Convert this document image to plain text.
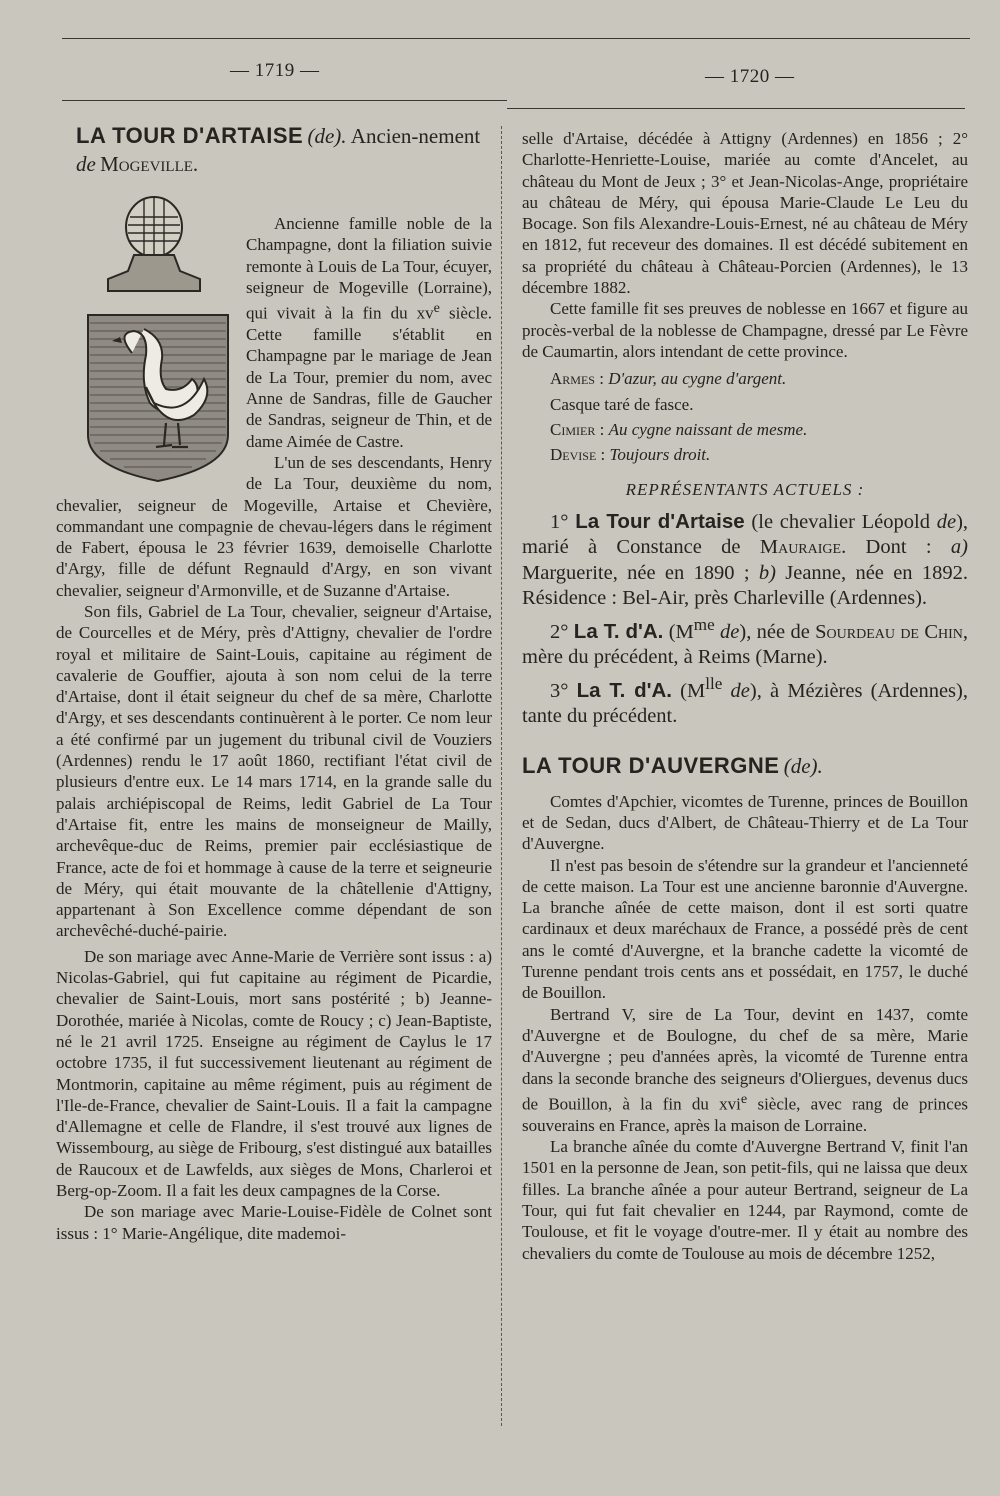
— 1719 —	— 1720 —

LA TOUR D'ARTAISE (de). Ancien-nement de Mogeville.

Ancienne famille noble de la Champagne, dont la filiation suivie remonte à Louis de La Tour, écuyer, seigneur de Mogeville (Lorraine), qui vivait à la fin du $xv^e$ siècle. Cette famille s'établit en Champagne par le mariage de Jean de La Tour, premier du nom, avec Anne de Sandras, fille de Gaucher de Sandras, seigneur de Thin, et de dame Aimée de Castre.

L'un de ses descendants, Henry de La Tour, deuxième du nom, chevalier, seigneur de Mogeville, Artaise et Chevière, commandant une compagnie de chevau-légers dans le régiment de Fabert, épousa le 23 février 1639, demoiselle Charlotte d'Argy, fille de défunt Regnauld d'Argy, en son vivant chevalier, seigneur d'Armonville, et de Suzanne d'Artaise.

Son fils, Gabriel de La Tour, chevalier, seigneur d'Artaise, de Courcelles et de Méry, près d'Attigny, chevalier de l'ordre royal et militaire de Saint-Louis, capitaine au régiment de cavalerie de Gouffier, ajouta à son nom celui de la terre d'Artaise, dont il était seigneur du chef de sa mère, Charlotte d'Argy, et ses descendants continuèrent à le porter. Ce nom leur a été confirmé par un jugement du tribunal civil de Vouziers (Ardennes) rendu le 17 août 1860, rectifiant l'état civil de plusieurs d'entre eux. Le 14 mars 1714, en la grande salle du palais archiépiscopal de Reims, ledit Gabriel de La Tour d'Artaise fit, entre les mains de monseigneur de Mailly, archevêque-duc de Reims, premier pair ecclésiastique de France, acte de foi et hommage à cause de la terre et seigneurie de Méry, qui était mouvante de la châtellenie d'Attigny, appartenant à Son Excellence comme dépendant de son archevêché-duché-pairie.

De son mariage avec Anne-Marie de Verrière sont issus : a) Nicolas-Gabriel, qui fut capitaine au régiment de Picardie, chevalier de Saint-Louis, mort sans postérité ; b) Jeanne-Dorothée, mariée à Nicolas, comte de Roucy ; c) Jean-Baptiste, né le 21 avril 1725. Enseigne au régiment de Caylus le 17 octobre 1735, il fut successivement lieutenant au régiment de Montmorin, capitaine au même régiment, puis au régiment de l'Ile-de-France, chevalier de Saint-Louis. Il a fait la campagne d'Allemagne et celle de Flandre, il s'est trouvé aux lignes de Wissembourg, au siège de Fribourg, s'est distingué aux batailles de Raucoux et de Lawfelds, aux sièges de Mons, Charleroi et Berg-op-Zoom. Il a fait les deux campagnes de la Corse.

De son mariage avec Marie-Louise-Fidèle de Colnet sont issus : 1° Marie-Angélique, dite mademoi-

selle d'Artaise, décédée à Attigny (Ardennes) en 1856 ; 2° Charlotte-Henriette-Louise, mariée au comte d'Ancelet, au château du Mont de Jeux ; 3° et Jean-Nicolas-Ange, propriétaire au château de Méry, qui épousa Marie-Claude Le Leu du Bocage. Son fils Alexandre-Louis-Ernest, né au château de Méry en 1812, fut receveur des domaines. Il est décédé subitement en sa propriété du château à Château-Porcien (Ardennes), le 13 décembre 1882.

Cette famille fit ses preuves de noblesse en 1667 et figure au procès-verbal de la noblesse de Champagne, dressé par Le Fèvre de Caumartin, alors intendant de cette province.

Armes : D'azur, au cygne d'argent.

Casque taré de fasce.

Cimier : Au cygne naissant de mesme.

Devise : Toujours droit.

REPRÉSENTANTS ACTUELS :

1° La Tour d'Artaise (le chevalier Léopold de), marié à Constance de Mauraige. Dont : a) Marguerite, née en 1890 ; b) Jeanne, née en 1892. Résidence : Bel-Air, près Charleville (Ardennes).

2° La T. d'A. ($M^{me}$ de), née de Sourdeau de Chin, mère du précédent, à Reims (Marne).

3° La T. d'A. ($M^{lle}$ de), à Mézières (Ardennes), tante du précédent.

LA TOUR D'AUVERGNE (de).

Comtes d'Apchier, vicomtes de Turenne, princes de Bouillon et de Sedan, ducs d'Albert, de Château-Thierry et de La Tour d'Auvergne.

Il n'est pas besoin de s'étendre sur la grandeur et l'ancienneté de cette maison. La Tour est une ancienne baronnie d'Auvergne. La branche aînée de cette maison, dont il est sorti quatre cardinaux et deux maréchaux de France, a possédé près de cent ans le comté d'Auvergne, et la branche cadette la vicomté de Turenne pendant trois cents ans et possédait, en 1757, le duché de Bouillon.

Bertrand V, sire de La Tour, devint en 1437, comte d'Auvergne et de Boulogne, du chef de sa mère, Marie d'Auvergne ; peu d'années après, la vicomté de Turenne entra dans la seconde branche des seigneurs d'Oliergues, devenus ducs de Bouillon, à la fin du xvi$^e$ siècle, avec rang de princes souverains en France, après la maison de Lorraine.

La branche aînée du comte d'Auvergne Bertrand V, finit l'an 1501 en la personne de Jean, son petit-fils, qui ne laissa que deux filles. La branche aînée a pour auteur Bertrand, seigneur de La Tour, qui fut fait chevalier en 1244, par Raymond, comte de Toulouse, et fit le voyage d'outre-mer. Il y était au nombre des chevaliers du comte de Toulouse au mois de décembre 1252,
